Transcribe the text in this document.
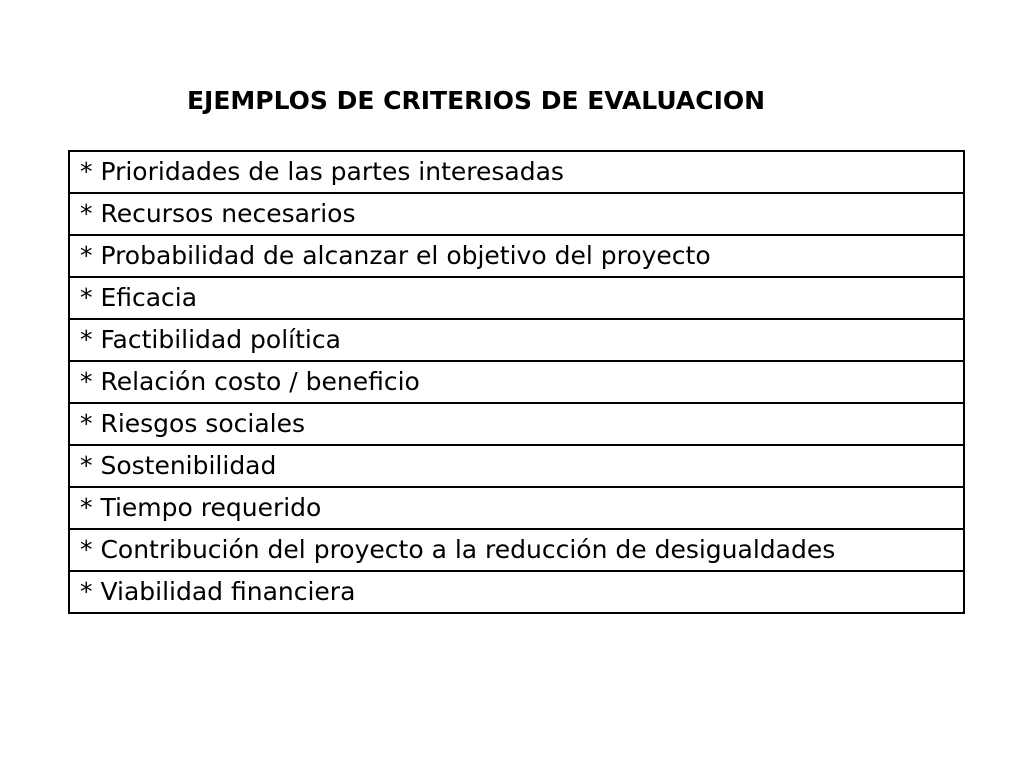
EJEMPLOS DE CRITERIOS DE EVALUACION
* Prioridades de las partes interesadas
* Recursos necesarios
* Probabilidad de alcanzar el objetivo del proyecto
* Eficacia
* Factibilidad política
* Relación costo / beneficio
* Riesgos sociales
* Sostenibilidad
* Tiempo requerido
* Contribución del proyecto a la reducción de desigualdades
* Viabilidad financiera
